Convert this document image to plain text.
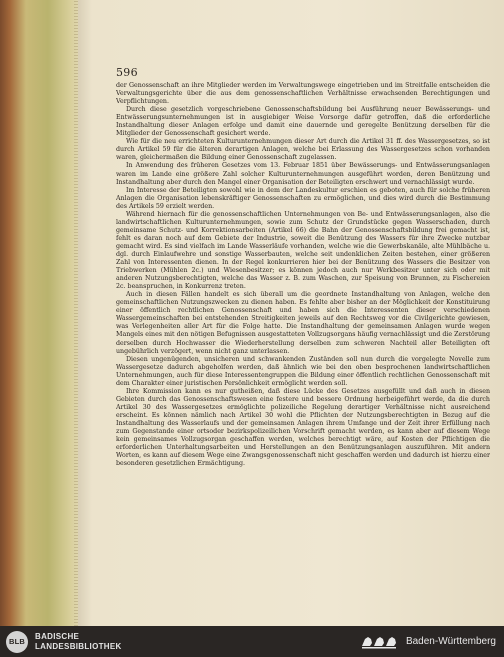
596

der Genossenschaft an ihre Mitglieder werden im Verwaltungswege eingetrieben und im Streitfalle entscheiden die Verwaltungsgerichte über die aus dem genossenschaftlichen Verhältnisse erwachsenden Berechtigungen und Verpflichtungen.

Durch diese gesetzlich vorgeschriebene Genossenschaftsbildung bei Ausführung neuer Bewässerungs- und Entwässerungsunternehmungen ist in ausgiebiger Weise Vorsorge dafür getroffen, daß die erforderliche Instandhaltung dieser Anlagen erfolge und damit eine dauernde und geregelte Benützung derselben für die Mitglieder der Genossenschaft gesichert werde.

Wie für die neu errichteten Kulturunternehmungen dieser Art durch die Artikel 31 ff. des Wassergesetzes, so ist durch Artikel 59 für die älteren derartigen Anlagen, welche bei Erlassung des Wassergesetzes schon vorhanden waren, gleichermaßen die Bildung einer Genossenschaft zugelassen.

In Anwendung des früheren Gesetzes vom 13. Februar 1851 über Bewässerungs- und Entwässerungsanlagen waren im Lande eine größere Zahl solcher Kulturunternehmungen ausgeführt worden, deren Benützung und Instandhaltung aber durch den Mangel einer Organisation der Beteiligten erschwert und vernachlässigt wurde.

Im Interesse der Beteiligten sowohl wie in dem der Landeskultur erschien es geboten, auch für solche früheren Anlagen die Organisation lebenskräftiger Genossenschaften zu ermöglichen, und dies wird durch die Bestimmung des Artikels 59 erzielt werden.

Während hiernach für die genossenschaftlichen Unternehmungen von Be- und Entwässerungsanlagen, also die landwirtschaftlichen Kulturunternehmungen, sowie zum Schutz der Grundstücke gegen Wasserschaden, durch gemeinsame Schutz- und Korrektionsarbeiten (Artikel 66) die Bahn der Genossenschaftsbildung frei gemacht ist, fehlt es daran noch auf dem Gebiete der Industrie, soweit die Benützung des Wassers für ihre Zwecke nutzbar gemacht wird. Es sind vielfach im Lande Wasserläufe vorhanden, welche wie die Gewerbskanäle, alte Mühlbäche u. dgl. durch Einlaufwehre und sonstige Wasserbauten, welche seit undenklichen Zeiten bestehen, einer größeren Zahl von Interessenten dienen. In der Regel konkurrieren hier bei der Benützung des Wassers die Besitzer von Triebwerken (Mühlen 2c.) und Wiesenbesitzer; es können jedoch auch nur Werkbesitzer unter sich oder mit anderen Nutzungsberechtigten, welche das Wasser z. B. zum Waschen, zur Speisung von Brunnen, zu Fischereien 2c. beanspruchen, in Konkurrenz treten.

Auch in diesen Fällen handelt es sich überall um die geordnete Instandhaltung von Anlagen, welche den gemeinschaftlichen Nutzungszwecken zu dienen haben. Es fehlte aber bisher an der Möglichkeit der Konstituirung einer öffentlich rechtlichen Genossenschaft und haben sich die Interessenten dieser verschiedenen Wassergemeinschaften bei entstehenden Streitigkeiten jeweils auf den Rechtsweg vor die Civilgerichte gewiesen, was Verlegenheiten aller Art für die Folge hatte. Die Instandhaltung der gemeinsamen Anlagen wurde wegen Mangels eines mit den nötigen Befugnissen ausgestatteten Vollzugsorgans häufig vernachlässigt und die Zerstörung derselben durch Hochwasser die Wiederherstellung derselben zum schweren Nachteil aller Beteiligten oft ungebührlich verzögert, wenn nicht ganz unterlassen.

Diesen ungenügenden, unsicheren und schwankenden Zuständen soll nun durch die vorgelegte Novelle zum Wassergesetze dadurch abgeholfen werden, daß ähnlich wie bei den oben besprochenen landwirtschaftlichen Unternehmungen, auch für diese Interessentengruppen die Bildung einer öffentlich rechtlichen Genossenschaft mit dem Charakter einer juristischen Persönlichkeit ermöglicht werden soll.

Ihre Kommission kann es nur gutheißen, daß diese Lücke des Gesetzes ausgefüllt und daß auch in diesen Gebieten durch das Genossenschaftswesen eine festere und bessere Ordnung herbeigeführt werde, da die durch Artikel 30 des Wassergesetzes ermöglichte polizeiliche Regelung derartiger Verhältnisse nicht ausreichend erscheint. Es können nämlich nach Artikel 30 wohl die Pflichten der Nutzungsberechtigten in Bezug auf die Instandhaltung des Wasserlaufs und der gemeinsamen Anlagen ihrem Umfange und der Zeit ihrer Erfüllung nach zum Gegenstande einer ortsoder bezirkspolizeilichen Vorschrift gemacht werden, es kann aber auf diesem Wege kein gemeinsames Vollzugsorgan geschaffen werden, welches berechtigt wäre, auf Kosten der Pflichtigen die erforderlichen Unterhaltungsarbeiten und Herstellungen an den Benützungsanlagen auszuführen. Mit andern Worten, es kann auf diesem Wege eine Zwangsgenossenschaft nicht geschaffen werden und dadurch ist hierzu einer besonderen gesetzlichen Ermächtigung.

BLB
BADISCHE
LANDESBIBLIOTHEK	Baden-Württemberg
